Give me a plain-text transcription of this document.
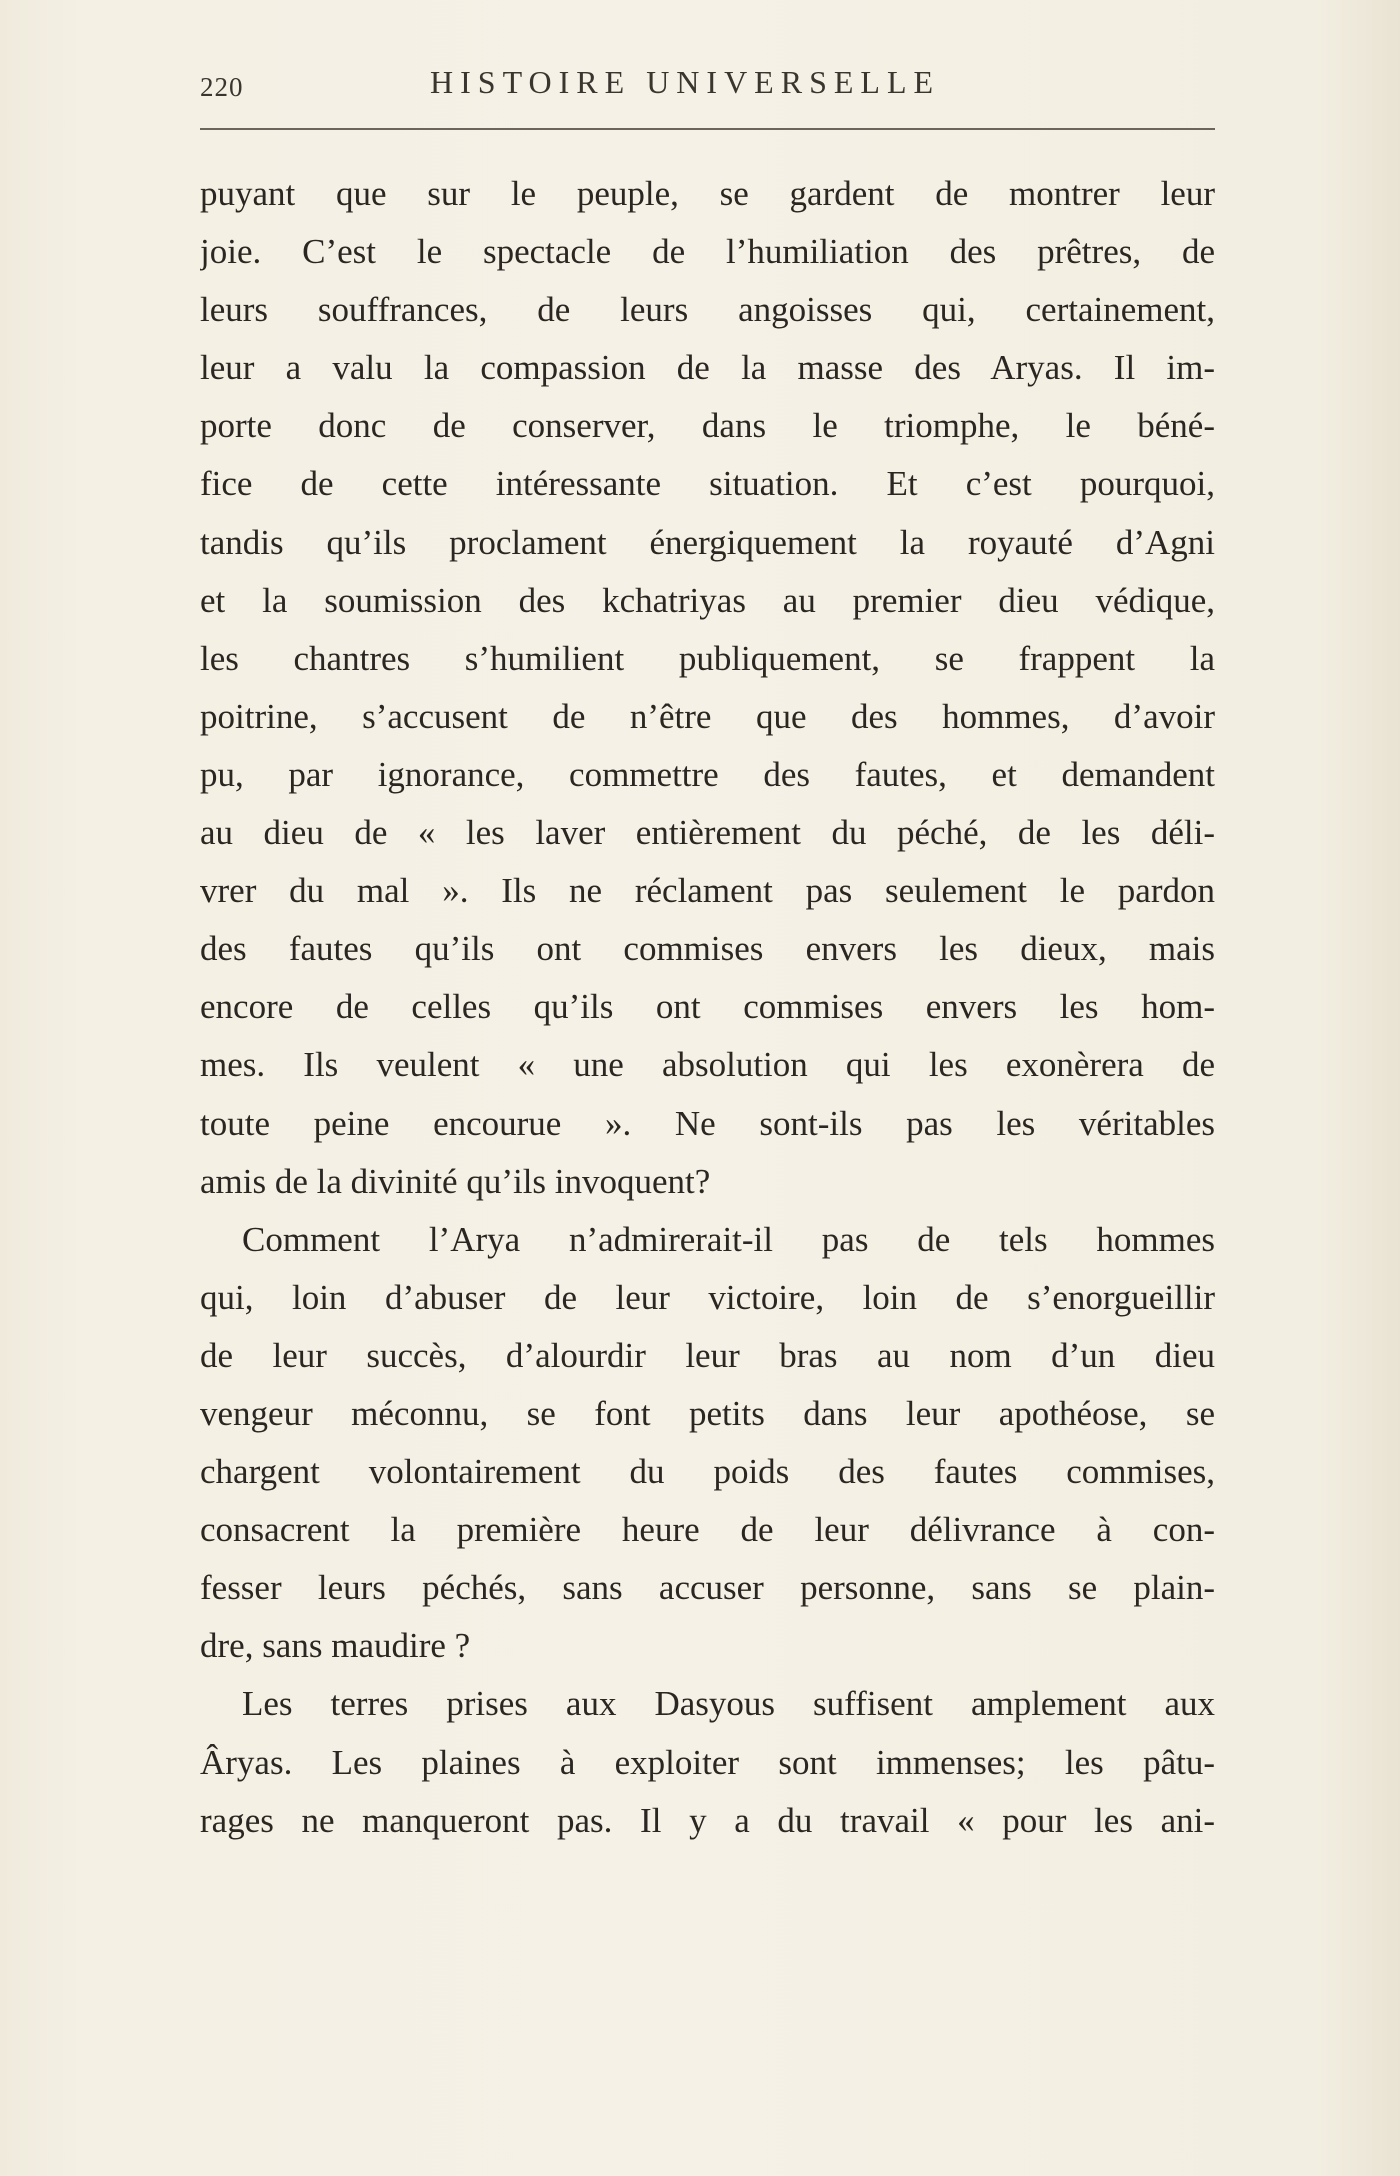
220	HISTOIRE UNIVERSELLE
puyant que sur le peuple, se gardent de montrer leur
joie. C’est le spectacle de l’humiliation des prêtres, de
leurs souffrances, de leurs angoisses qui, certainement,
leur a valu la compassion de la masse des Aryas. Il im-
porte donc de conserver, dans le triomphe, le béné-
fice de cette intéressante situation. Et c’est pourquoi,
tandis qu’ils proclament énergiquement la royauté d’Agni
et la soumission des kchatriyas au premier dieu védique,
les chantres s’humilient publiquement, se frappent la
poitrine, s’accusent de n’être que des hommes, d’avoir
pu, par ignorance, commettre des fautes, et demandent
au dieu de « les laver entièrement du péché, de les déli-
vrer du mal ». Ils ne réclament pas seulement le pardon
des fautes qu’ils ont commises envers les dieux, mais
encore de celles qu’ils ont commises envers les hom-
mes. Ils veulent « une absolution qui les exonèrera de
toute peine encourue ». Ne sont-ils pas les véritables
amis de la divinité qu’ils invoquent?
Comment l’Arya n’admirerait-il pas de tels hommes
qui, loin d’abuser de leur victoire, loin de s’enorgueillir
de leur succès, d’alourdir leur bras au nom d’un dieu
vengeur méconnu, se font petits dans leur apothéose, se
chargent volontairement du poids des fautes commises,
consacrent la première heure de leur délivrance à con-
fesser leurs péchés, sans accuser personne, sans se plain-
dre, sans maudire ?
Les terres prises aux Dasyous suffisent amplement aux
Âryas. Les plaines à exploiter sont immenses; les pâtu-
rages ne manqueront pas. Il y a du travail « pour les ani-
